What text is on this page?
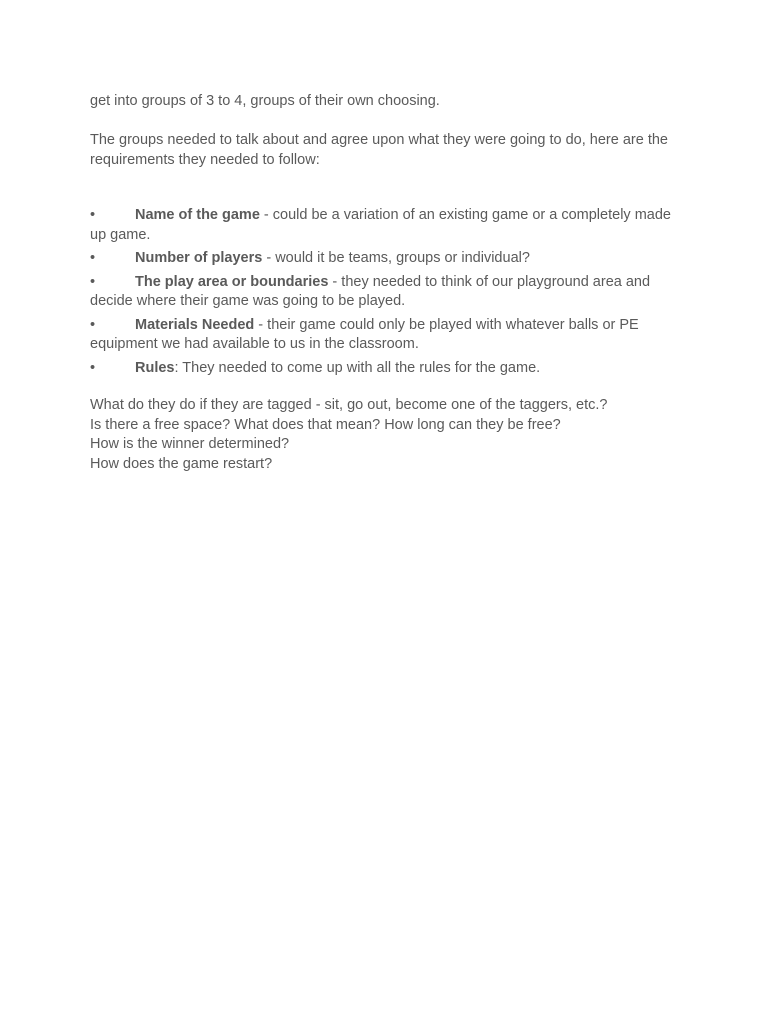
get into groups of 3 to 4, groups of their own choosing.

The groups needed to talk about and agree upon what they were going to do, here are the requirements they needed to follow:

•	Name of the game - could be a variation of an existing game or a completely made up game.
•	Number of players - would it be teams, groups or individual?
•	The play area or boundaries - they needed to think of our playground area and decide where their game was going to be played.
•	Materials Needed - their game could only be played with whatever balls or PE equipment we had available to us in the classroom.
•	Rules: They needed to come up with all the rules for the game.

What do they do if they are tagged - sit, go out, become one of the taggers, etc.?

Is there a free space? What does that mean? How long can they be free?

How is the winner determined?

How does the game restart?
